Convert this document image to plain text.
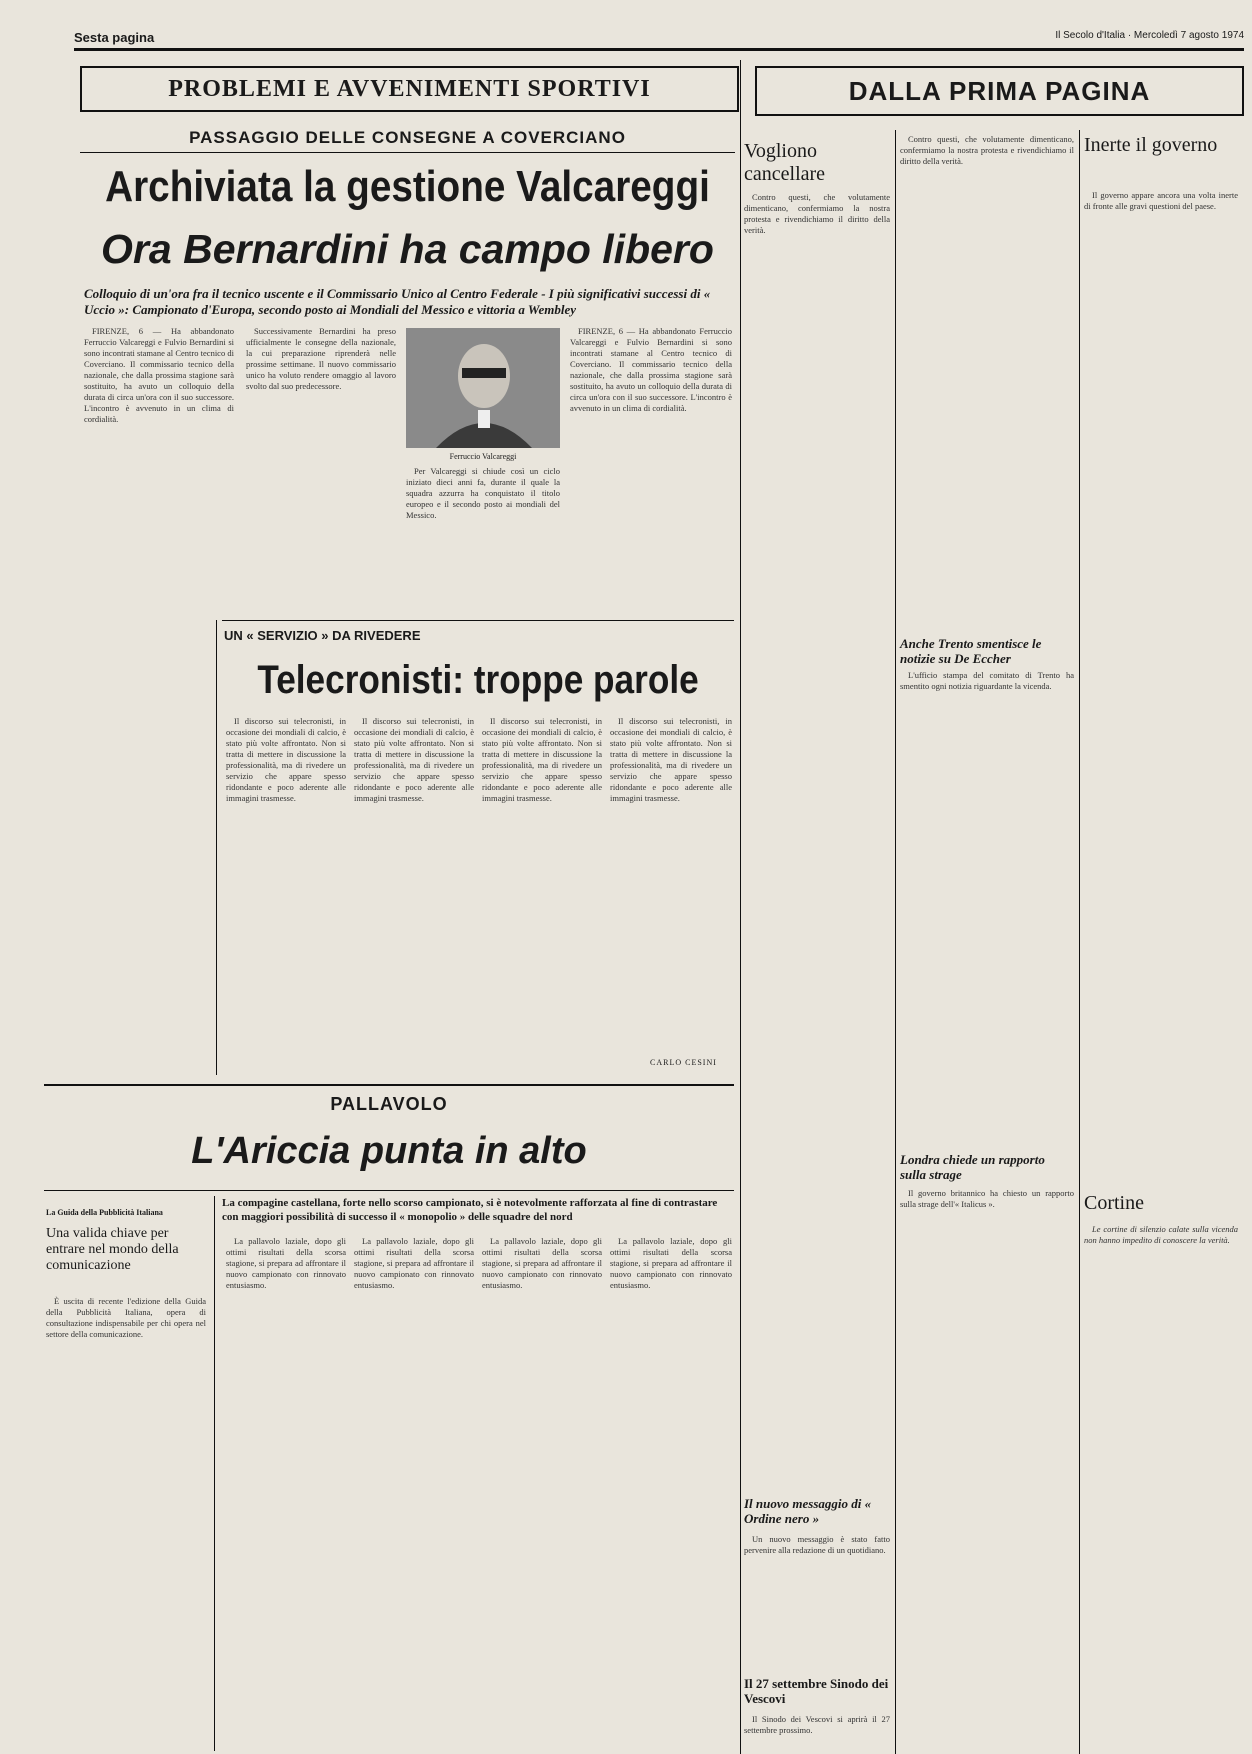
Sesta pagina	Il Secolo d'Italia · Mercoledì 7 agosto 1974
PROBLEMI E AVVENIMENTI SPORTIVI
PASSAGGIO DELLE CONSEGNE A COVERCIANO
Archiviata la gestione Valcareggi
Ora Bernardini ha campo libero
Colloquio di un'ora fra il tecnico uscente e il Commissario Unico al Centro Federale - I più significativi successi di « Uccio »: Campionato d'Europa, secondo posto ai Mondiali del Messico e vittoria a Wembley

FIRENZE, 6 — Ha abbandonato Ferruccio Valcareggi e Fulvio Bernardini si sono incontrati stamane al Centro tecnico di Coverciano. Il commissario tecnico della nazionale, che dalla prossima stagione sarà sostituito, ha avuto un colloquio della durata di circa un'ora con il suo successore. L'incontro è avvenuto in un clima di cordialità.

Successivamente Bernardini ha preso ufficialmente le consegne della nazionale, la cui preparazione riprenderà nelle prossime settimane. Il nuovo commissario unico ha voluto rendere omaggio al lavoro svolto dal suo predecessore.

Ferruccio Valcareggi

Per Valcareggi si chiude così un ciclo iniziato dieci anni fa, durante il quale la squadra azzurra ha conquistato il titolo europeo e il secondo posto ai mondiali del Messico.

FIRENZE, 6 — Ha abbandonato Ferruccio Valcareggi e Fulvio Bernardini si sono incontrati stamane al Centro tecnico di Coverciano. Il commissario tecnico della nazionale, che dalla prossima stagione sarà sostituito, ha avuto un colloquio della durata di circa un'ora con il suo successore. L'incontro è avvenuto in un clima di cordialità.

UN « SERVIZIO » DA RIVEDERE
Telecronisti: troppe parole

Il discorso sui telecronisti, in occasione dei mondiali di calcio, è stato più volte affrontato. Non si tratta di mettere in discussione la professionalità, ma di rivedere un servizio che appare spesso ridondante e poco aderente alle immagini trasmesse.

Il discorso sui telecronisti, in occasione dei mondiali di calcio, è stato più volte affrontato. Non si tratta di mettere in discussione la professionalità, ma di rivedere un servizio che appare spesso ridondante e poco aderente alle immagini trasmesse.

Il discorso sui telecronisti, in occasione dei mondiali di calcio, è stato più volte affrontato. Non si tratta di mettere in discussione la professionalità, ma di rivedere un servizio che appare spesso ridondante e poco aderente alle immagini trasmesse.

Il discorso sui telecronisti, in occasione dei mondiali di calcio, è stato più volte affrontato. Non si tratta di mettere in discussione la professionalità, ma di rivedere un servizio che appare spesso ridondante e poco aderente alle immagini trasmesse.

CARLO CESINI
PALLAVOLO
L'Ariccia punta in alto
La Guida della Pubblicità Italiana
Una valida chiave per entrare nel mondo della comunicazione

È uscita di recente l'edizione della Guida della Pubblicità Italiana, opera di consultazione indispensabile per chi opera nel settore della comunicazione.

La compagine castellana, forte nello scorso campionato, si è notevolmente rafforzata al fine di contrastare con maggiori possibilità di successo il « monopolio » delle squadre del nord

La pallavolo laziale, dopo gli ottimi risultati della scorsa stagione, si prepara ad affrontare il nuovo campionato con rinnovato entusiasmo.

La pallavolo laziale, dopo gli ottimi risultati della scorsa stagione, si prepara ad affrontare il nuovo campionato con rinnovato entusiasmo.

La pallavolo laziale, dopo gli ottimi risultati della scorsa stagione, si prepara ad affrontare il nuovo campionato con rinnovato entusiasmo.

La pallavolo laziale, dopo gli ottimi risultati della scorsa stagione, si prepara ad affrontare il nuovo campionato con rinnovato entusiasmo.

DALLA PRIMA PAGINA
Vogliono cancellare

Contro questi, che volutamente dimenticano, confermiamo la nostra protesta e rivendichiamo il diritto della verità.

Il nuovo messaggio di « Ordine nero »

Un nuovo messaggio è stato fatto pervenire alla redazione di un quotidiano.

Il 27 settembre Sinodo dei Vescovi

Il Sinodo dei Vescovi si aprirà il 27 settembre prossimo.

Contro questi, che volutamente dimenticano, confermiamo la nostra protesta e rivendichiamo il diritto della verità.

Anche Trento smentisce le notizie su De Eccher

L'ufficio stampa del comitato di Trento ha smentito ogni notizia riguardante la vicenda.

Londra chiede un rapporto sulla strage

Il governo britannico ha chiesto un rapporto sulla strage dell'« Italicus ».

Inerte il governo

Il governo appare ancora una volta inerte di fronte alle gravi questioni del paese.

Cortine

Le cortine di silenzio calate sulla vicenda non hanno impedito di conoscere la verità.
